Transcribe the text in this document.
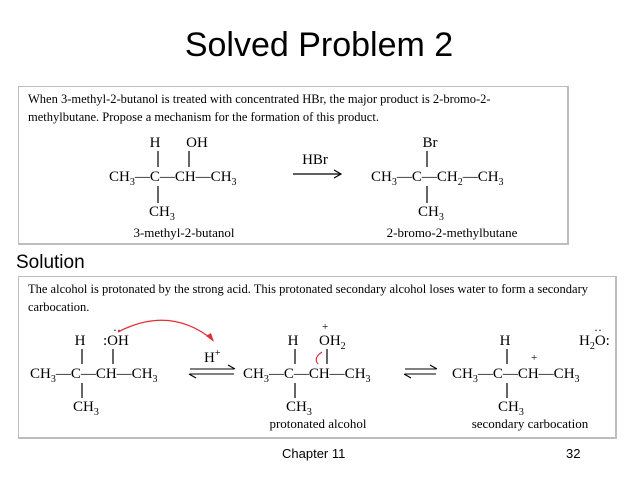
Solved Problem 2
When 3-methyl-2-butanol is treated with concentrated HBr, the major product is 2-bromo-2-methylbutane. Propose a mechanism for the formation of this product.
H OH
$CH_3—C—CH—CH_3$
$CH_3$
3-methyl-2-butanol
HBr
Br
$CH_3—C—CH_2—CH_3$
$CH_3$
2-bromo-2-methylbutane
Solution
The alcohol is protonated by the strong acid. This protonated secondary alcohol loses water to form a secondary carbocation.
H :OH
··
$CH_3—C—CH—CH_3$
$CH_3$
H+
+
H $OH_2$
$CH_3—C—CH—CH_3$
$CH_3$
protonated alcohol
H
+
$CH_3—C—CH—CH_3$
$CH_3$
$H_2O$:
··
secondary carbocation
Chapter 11	32
